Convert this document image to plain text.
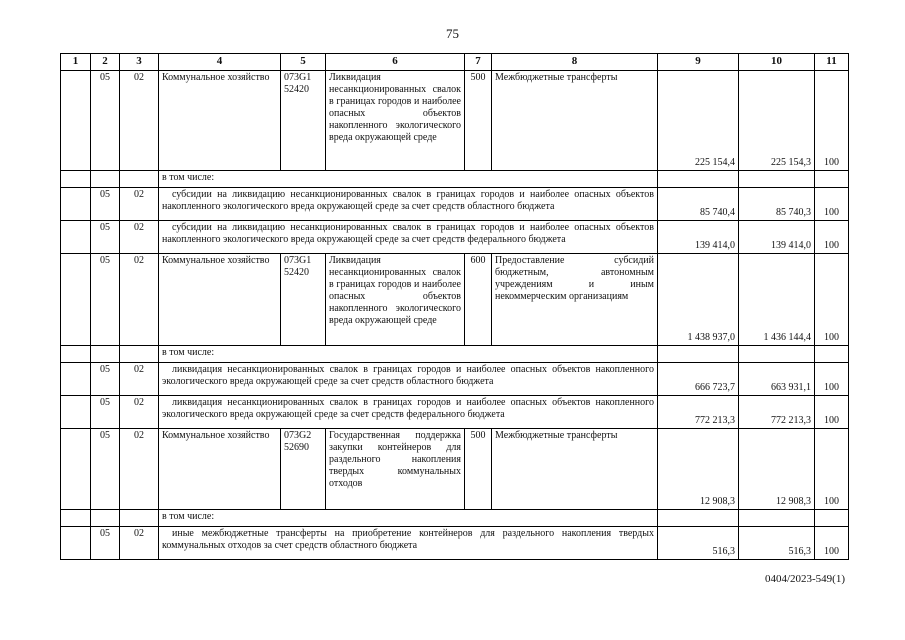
75
1	2	3	4	5	6	7	8	9	10	11
	05	02	Коммунальное хозяйство	073G1 52420	Ликвидация несанкционированных свалок в границах городов и наиболее опасных объектов накопленного экологического вреда окружающей среде	500	Межбюджетные трансферты	225 154,4	225 154,3	100
			в том числе:							
	05	02	субсидии на ликвидацию несанкционированных свалок в границах городов и наиболее опасных объектов накопленного экологического вреда окружающей среде за счет средств областного бюджета					85 740,4	85 740,3	100
	05	02	субсидии на ликвидацию несанкционированных свалок в границах городов и наиболее опасных объектов накопленного экологического вреда окружающей среде за счет средств федерального бюджета					139 414,0	139 414,0	100
	05	02	Коммунальное хозяйство	073G1 52420	Ликвидация несанкционированных свалок в границах городов и наиболее опасных объектов накопленного экологического вреда окружающей среде	600	Предоставление субсидий бюджетным, автономным учреждениям и иным некоммерческим организациям	1 438 937,0	1 436 144,4	100
			в том числе:							
	05	02	ликвидация несанкционированных свалок в границах городов и наиболее опасных объектов накопленного экологического вреда окружающей среде за счет средств областного бюджета					666 723,7	663 931,1	100
	05	02	ликвидация несанкционированных свалок в границах городов и наиболее опасных объектов накопленного экологического вреда окружающей среде за счет средств федерального бюджета					772 213,3	772 213,3	100
	05	02	Коммунальное хозяйство	073G2 52690	Государственная поддержка закупки контейнеров для раздельного накопления твердых коммунальных отходов	500	Межбюджетные трансферты	12 908,3	12 908,3	100
			в том числе:							
	05	02	иные межбюджетные трансферты на приобретение контейнеров для раздельного накопления твердых коммунальных отходов за счет средств областного бюджета					516,3	516,3	100
0404/2023-549(1)
